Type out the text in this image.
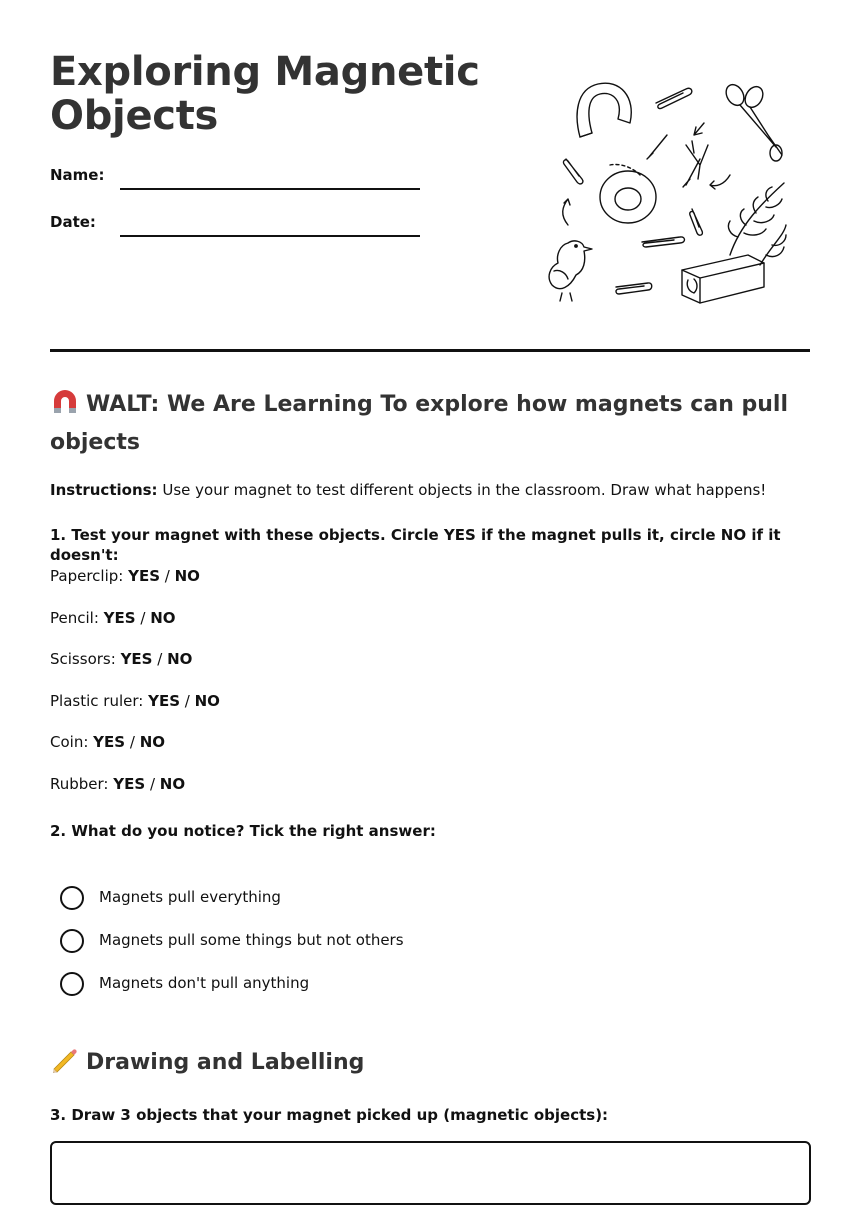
Exploring Magnetic Objects
Name:
Date:
WALT: We Are Learning To explore how magnets can pull objects
Instructions: Use your magnet to test different objects in the classroom. Draw what happens!
1. Test your magnet with these objects. Circle YES if the magnet pulls it, circle NO if it doesn't:
Paperclip: YES / NO
Pencil: YES / NO
Scissors: YES / NO
Plastic ruler: YES / NO
Coin: YES / NO
Rubber: YES / NO
2. What do you notice? Tick the right answer:
Magnets pull everything
Magnets pull some things but not others
Magnets don't pull anything
Drawing and Labelling
3. Draw 3 objects that your magnet picked up (magnetic objects):
